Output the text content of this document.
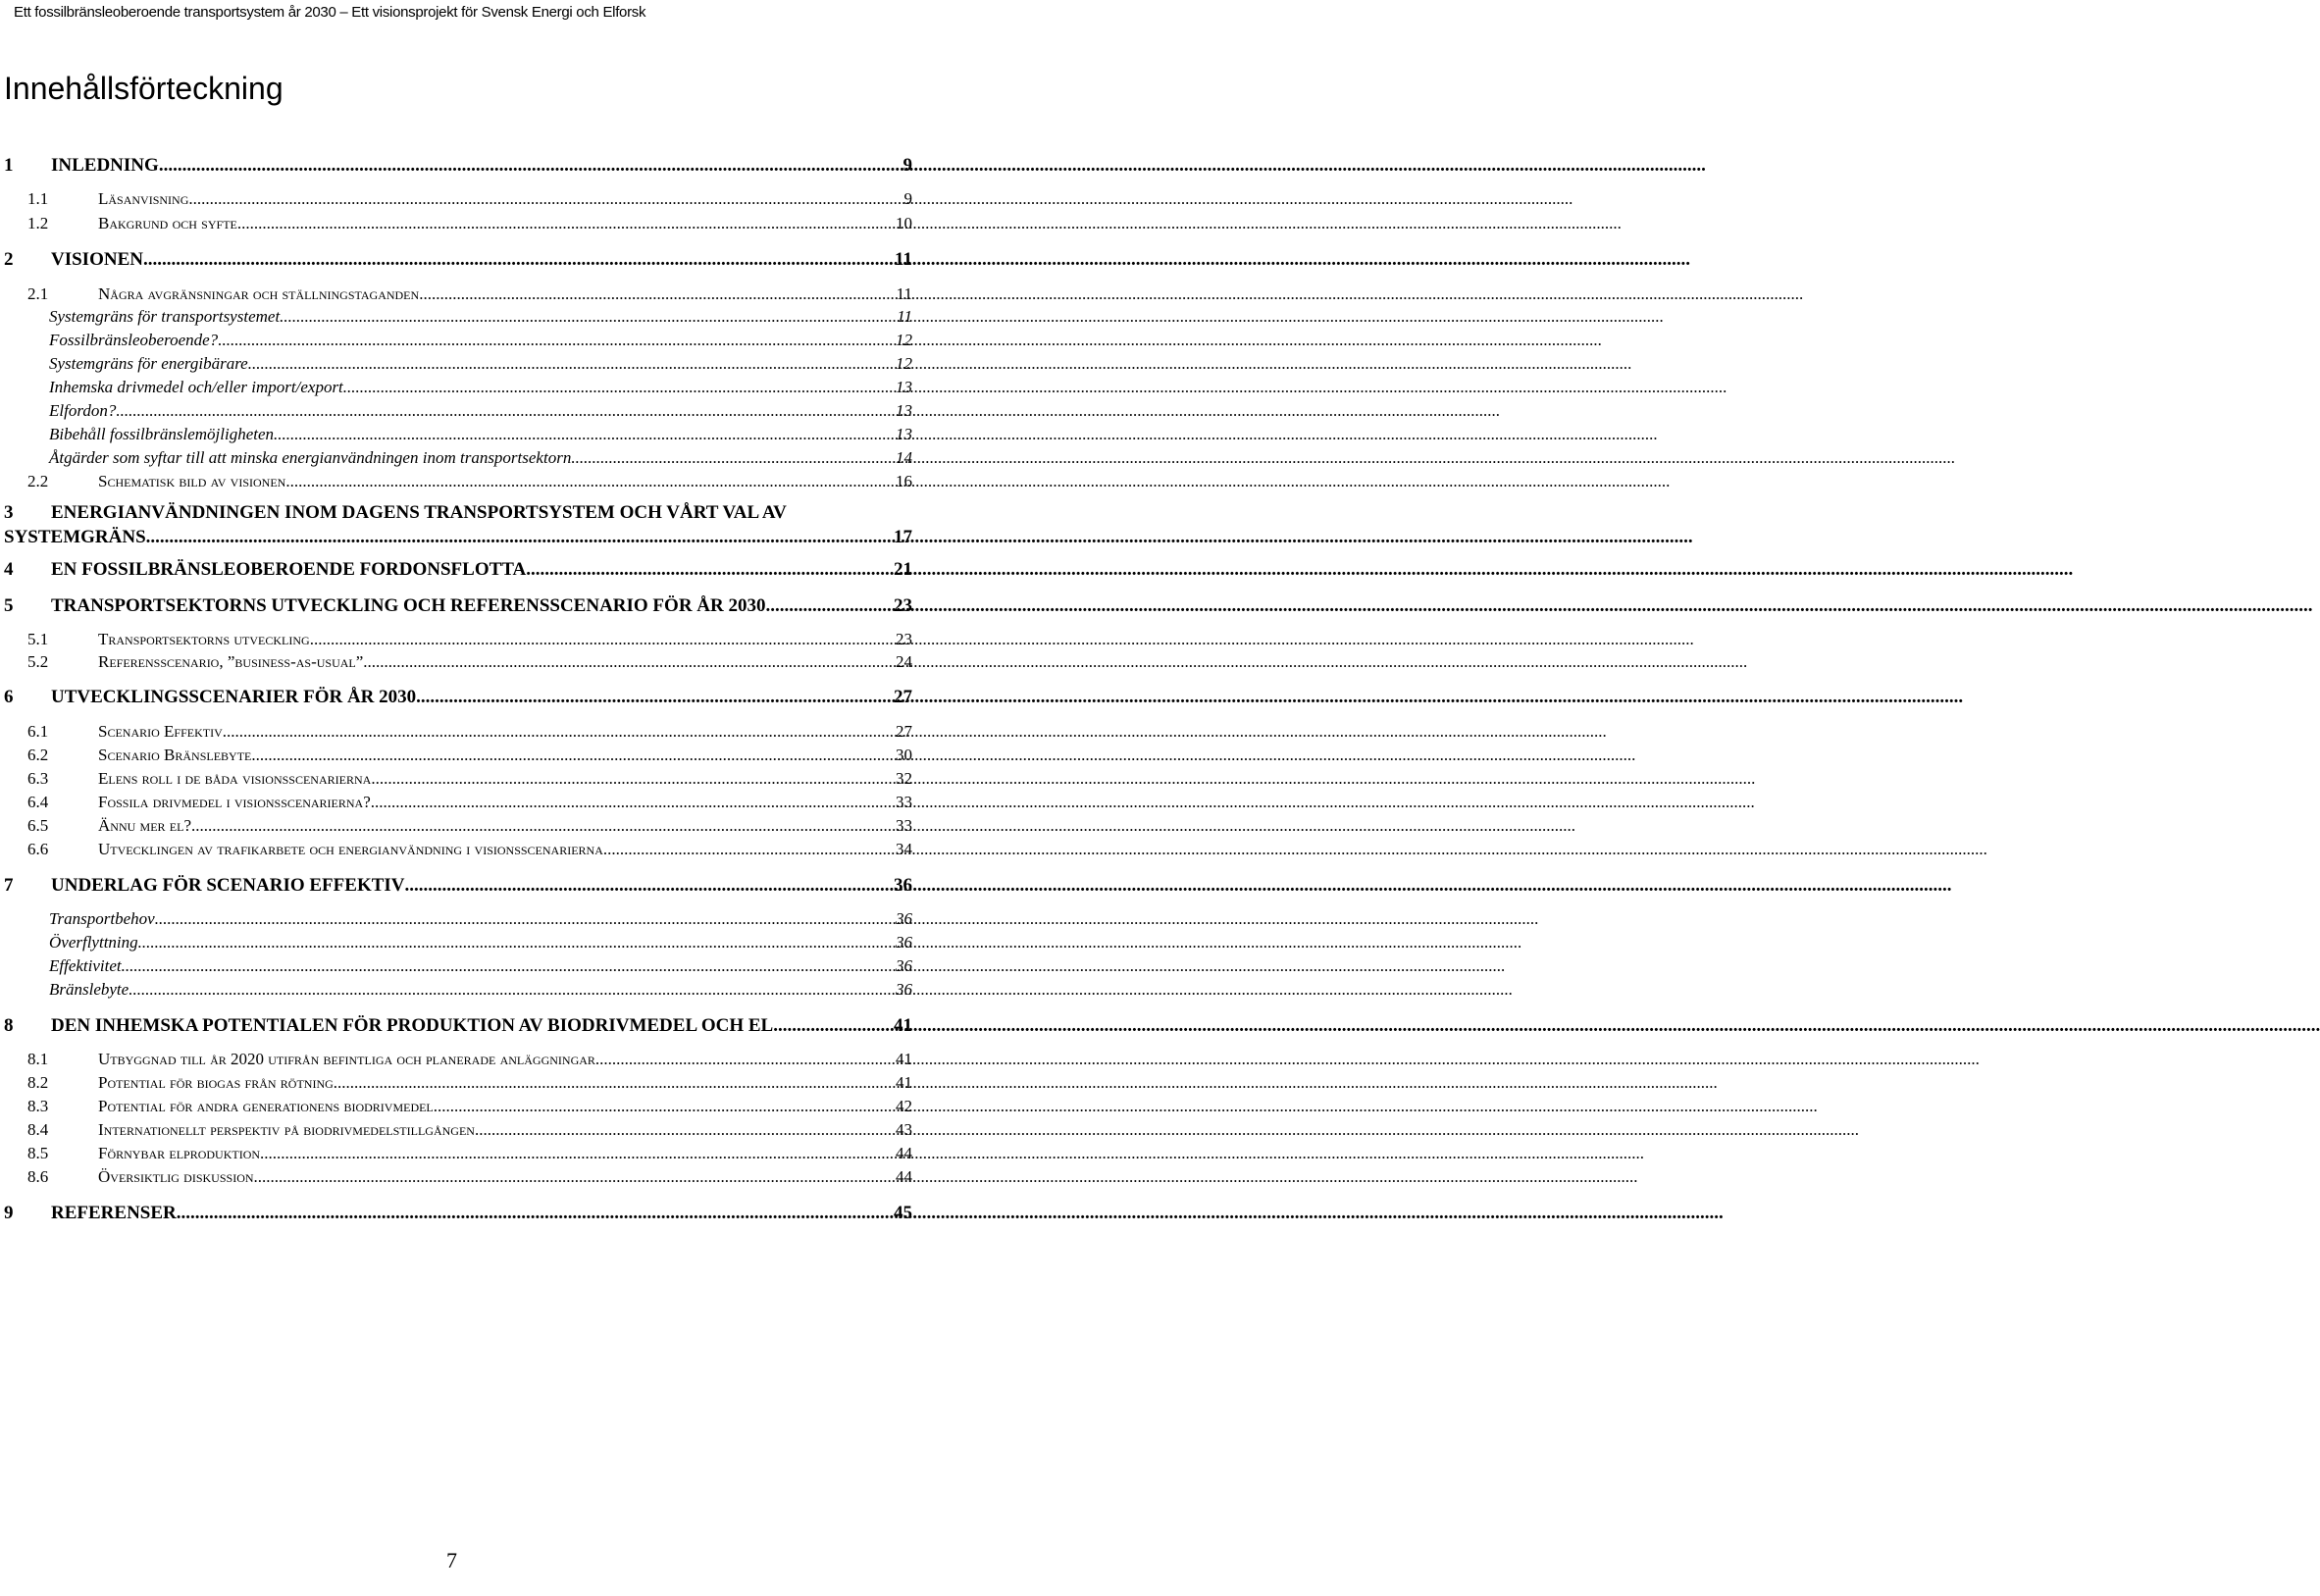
Ett fossilbränsleoberoende transportsystem år 2030 – Ett visionsprojekt för Svensk Energi och Elforsk
Innehållsförteckning
1	INLEDNING .....	9
1.1	Läsanvisning .....	9
1.2	Bakgrund och syfte .....	10
2	VISIONEN .....	11
2.1	Några avgränsningar och ställningstaganden .....	11
Systemgräns för transportsystemet .....	11
Fossilbränsleoberoende? .....	12
Systemgräns för energibärare .....	12
Inhemska drivmedel och/eller import/export .....	13
Elfordon? .....	13
Bibehåll fossilbränslemöjligheten .....	13
Åtgärder som syftar till att minska energianvändningen inom transportsektorn .....	14
2.2	Schematisk bild av visionen .....	16
3 ENERGIANVÄNDNINGEN INOM DAGENS TRANSPORTSYSTEM OCH VÅRT VAL AV
SYSTEMGRÄNS .....	17
4	EN FOSSILBRÄNSLEOBEROENDE FORDONSFLOTTA .....	21
5	TRANSPORTSEKTORNS UTVECKLING OCH REFERENSSCENARIO FÖR ÅR 2030 .....	23
5.1	Transportsektorns utveckling .....	23
5.2	Referensscenario, ”business-as-usual” .....	24
6	UTVECKLINGSSCENARIER FÖR ÅR 2030 .....	27
6.1	Scenario Effektiv .....	27
6.2	Scenario Bränslebyte .....	30
6.3	Elens roll i de båda visionsscenarierna .....	32
6.4	Fossila drivmedel i visionsscenarierna? .....	33
6.5	Ännu mer el? .....	33
6.6	Utvecklingen av trafikarbete och energianvändning i visionsscenarierna .....	34
7	UNDERLAG FÖR SCENARIO EFFEKTIV .....	36
Transportbehov .....	36
Överflyttning .....	36
Effektivitet .....	36
Bränslebyte .....	36
8	DEN INHEMSKA POTENTIALEN FÖR PRODUKTION AV BIODRIVMEDEL OCH EL .....	41
8.1	Utbyggnad till år 2020 utifrån befintliga och planerade anläggningar .....	41
8.2	Potential för biogas från rötning .....	41
8.3	Potential för andra generationens biodrivmedel .....	42
8.4	Internationellt perspektiv på biodrivmedelstillgången .....	43
8.5	Förnybar elproduktion .....	44
8.6	Översiktlig diskussion .....	44
9	REFERENSER .....	45
7
